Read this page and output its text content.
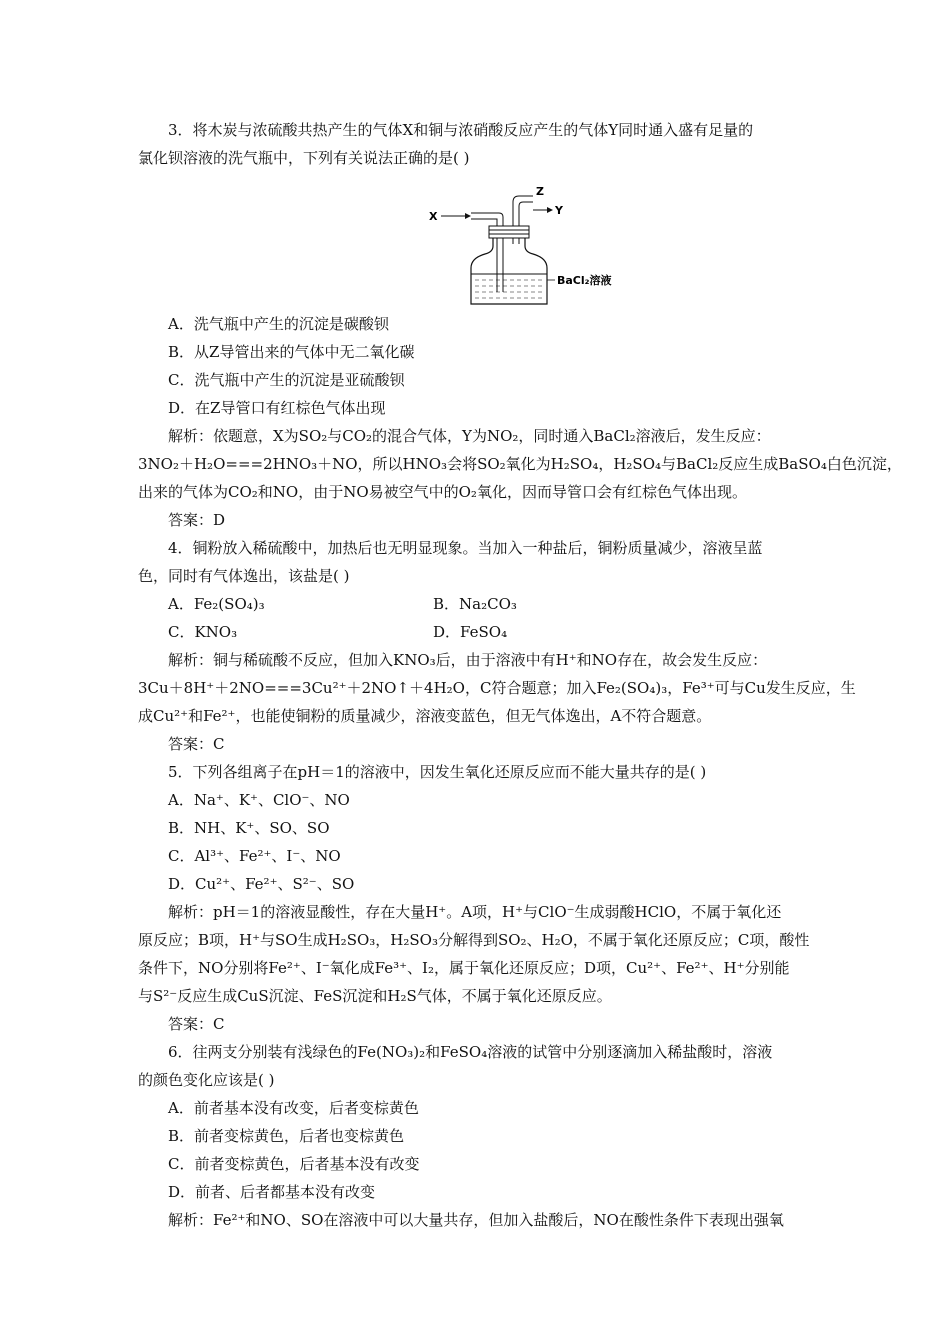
3．将木炭与浓硫酸共热产生的气体X和铜与浓硝酸反应产生的气体Y同时通入盛有足量的

氯化钡溶液的洗气瓶中，下列有关说法正确的是( )

X
Z
Y
BaCl₂溶液

A．洗气瓶中产生的沉淀是碳酸钡

B．从Z导管出来的气体中无二氧化碳

C．洗气瓶中产生的沉淀是亚硫酸钡

D．在Z导管口有红棕色气体出现

解析：依题意，X为SO₂与CO₂的混合气体，Y为NO₂，同时通入BaCl₂溶液后，发生反应：

3NO₂＋H₂O===2HNO₃＋NO，所以HNO₃会将SO₂氧化为H₂SO₄，H₂SO₄与BaCl₂反应生成BaSO₄白色沉淀，

出来的气体为CO₂和NO，由于NO易被空气中的O₂氧化，因而导管口会有红棕色气体出现。

答案：D

4．铜粉放入稀硫酸中，加热后也无明显现象。当加入一种盐后，铜粉质量减少，溶液呈蓝

色，同时有气体逸出，该盐是( )

A．Fe₂(SO₄)₃	B．Na₂CO₃
C．KNO₃	D．FeSO₄

解析：铜与稀硫酸不反应，但加入KNO₃后，由于溶液中有H⁺和NO存在，故会发生反应：

3Cu＋8H⁺＋2NO===3Cu²⁺＋2NO↑＋4H₂O，C符合题意；加入Fe₂(SO₄)₃，Fe³⁺可与Cu发生反应，生

成Cu²⁺和Fe²⁺，也能使铜粉的质量减少，溶液变蓝色，但无气体逸出，A不符合题意。

答案：C

5．下列各组离子在pH＝1的溶液中，因发生氧化还原反应而不能大量共存的是( )

A．Na⁺、K⁺、ClO⁻、NO

B．NH、K⁺、SO、SO

C．Al³⁺、Fe²⁺、I⁻、NO

D．Cu²⁺、Fe²⁺、S²⁻、SO

解析：pH＝1的溶液显酸性，存在大量H⁺。A项，H⁺与ClO⁻生成弱酸HClO，不属于氧化还

原反应；B项，H⁺与SO生成H₂SO₃，H₂SO₃分解得到SO₂、H₂O，不属于氧化还原反应；C项，酸性

条件下，NO分别将Fe²⁺、I⁻氧化成Fe³⁺、I₂，属于氧化还原反应；D项，Cu²⁺、Fe²⁺、H⁺分别能

与S²⁻反应生成CuS沉淀、FeS沉淀和H₂S气体，不属于氧化还原反应。

答案：C

6．往两支分别装有浅绿色的Fe(NO₃)₂和FeSO₄溶液的试管中分别逐滴加入稀盐酸时，溶液

的颜色变化应该是( )

A．前者基本没有改变，后者变棕黄色

B．前者变棕黄色，后者也变棕黄色

C．前者变棕黄色，后者基本没有改变

D．前者、后者都基本没有改变

解析：Fe²⁺和NO、SO在溶液中可以大量共存，但加入盐酸后，NO在酸性条件下表现出强氧
